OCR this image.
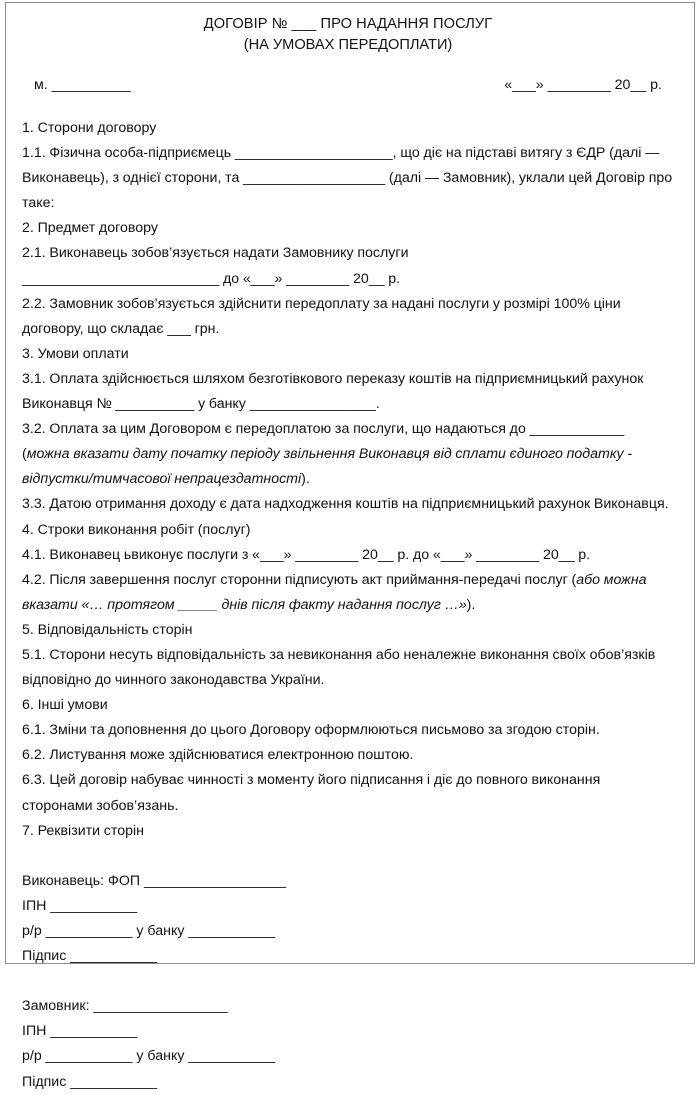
ДОГОВІР № ___ ПРО НАДАННЯ ПОСЛУГ
(НА УМОВАХ ПЕРЕДОПЛАТИ)
м. __________	«___» ________ 20__ р.

1. Сторони договору

1.1. Фізична особа-підприємець ____________________, що діє на підставі витягу з ЄДР (далі — Виконавець), з однієї сторони, та __________________ (далі — Замовник), уклали цей Договір про таке:

2. Предмет договору

2.1. Виконавець зобов’язується надати Замовнику послуги

_________________________ до «___» ________ 20__ р.

2.2. Замовник зобов’язується здійснити передоплату за надані послуги у розмірі 100% ціни договору, що складає ___ грн.

3. Умови оплати

3.1. Оплата здійснюється шляхом безготівкового переказу коштів на підприємницький рахунок Виконавця № __________ у банку ________________.

3.2. Оплата за цим Договором є передоплатою за послуги, що надаються до ____________ (можна вказати дату початку періоду звільнення Виконавця від сплати єдиного податку - відпустки/тимчасової непрацездатності).

3.3. Датою отримання доходу є дата надходження коштів на підприємницький рахунок Виконавця.

4. Строки виконання робіт (послуг)

4.1. Виконавец ьвиконує послуги з «___» ________ 20__ р. до «___» ________ 20__ р.

4.2. Після завершення послуг сторонни підписують акт приймання-передачі послуг (або можна вказати «… протягом _____ днів після факту надання послуг …»).

5. Відповідальність сторін

5.1. Сторони несуть відповідальність за невиконання або неналежне виконання своїх обов’язків відповідно до чинного законодавства України.

6. Інші умови

6.1. Зміни та доповнення до цього Договору оформлюються письмово за згодою сторін.

6.2. Листування може здійснюватися електронною поштою.

6.3. Цей договір набуває чинності з моменту його підписання і діє до повного виконання сторонами зобов’язань.

7. Реквізити сторін

Виконавець: ФОП __________________

ІПН ___________

р/р ___________ у банку ___________

Підпис ___________

Замовник: _________________

ІПН ___________

р/р ___________ у банку ___________

Підпис ___________
